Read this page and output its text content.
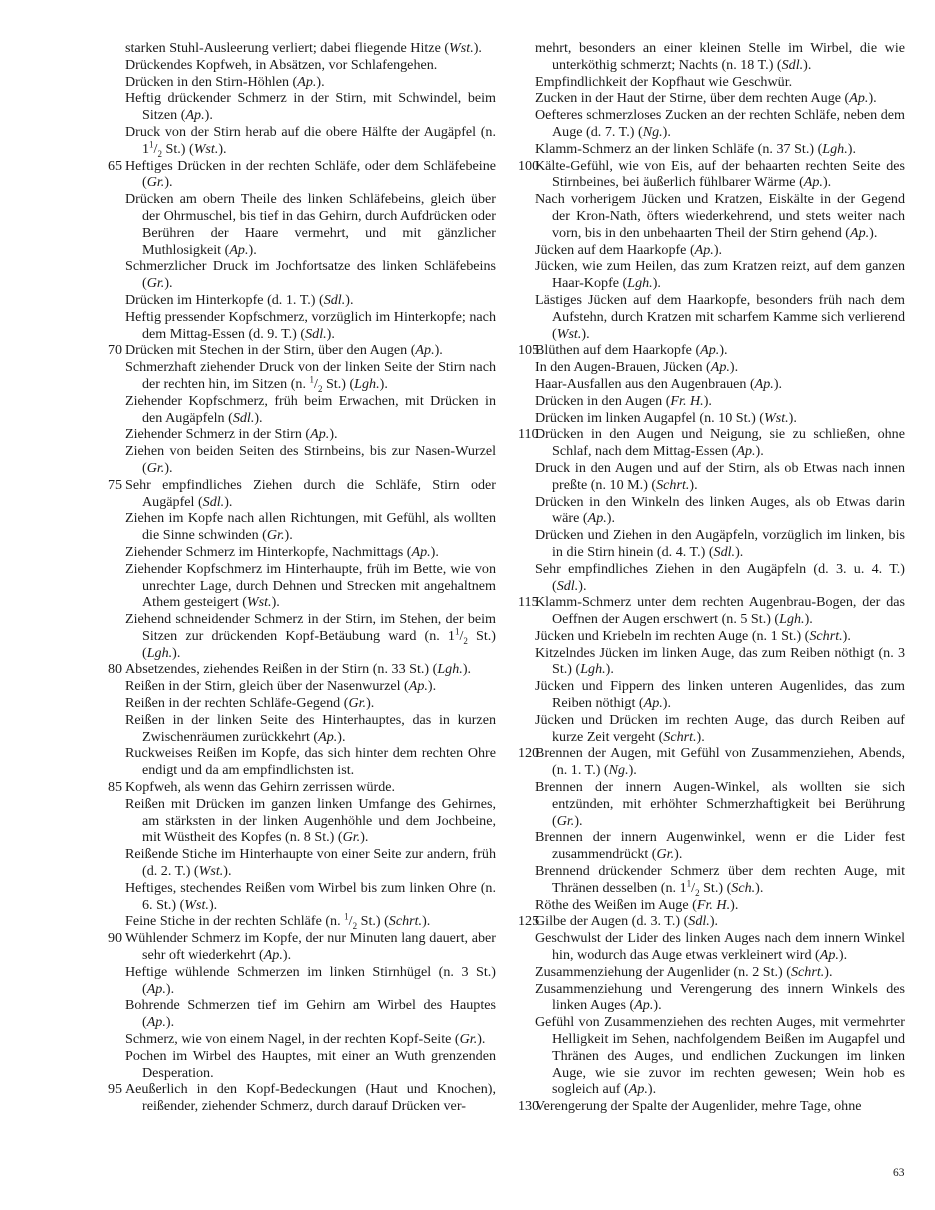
starken Stuhl-Ausleerung verliert; dabei fliegende Hitze (Wst.).

Drückendes Kopfweh, in Absätzen, vor Schlafengehen.

Drücken in den Stirn-Höhlen (Ap.).

Heftig drückender Schmerz in der Stirn, mit Schwindel, beim Sitzen (Ap.).

Druck von der Stirn herab auf die obere Hälfte der Augäpfel (n. $1^1/_2$ St.) (Wst.).

65 Heftiges Drücken in der rechten Schläfe, oder dem Schläfebeine (Gr.).

Drücken am obern Theile des linken Schläfebeins, gleich über der Ohrmuschel, bis tief in das Gehirn, durch Aufdrücken oder Berühren der Haare vermehrt, und mit gänzlicher Muthlosigkeit (Ap.).

Schmerzlicher Druck im Jochfortsatze des linken Schläfebeins (Gr.).

Drücken im Hinterkopfe (d. 1. T.) (Sdl.).

Heftig pressender Kopfschmerz, vorzüglich im Hinterkopfe; nach dem Mittag-Essen (d. 9. T.) (Sdl.).

70 Drücken mit Stechen in der Stirn, über den Augen (Ap.).

Schmerzhaft ziehender Druck von der linken Seite der Stirn nach der rechten hin, im Sitzen (n. $^1/_2$ St.) (Lgh.).

Ziehender Kopfschmerz, früh beim Erwachen, mit Drücken in den Augäpfeln (Sdl.).

Ziehender Schmerz in der Stirn (Ap.).

Ziehen von beiden Seiten des Stirnbeins, bis zur Nasen-Wurzel (Gr.).

75 Sehr empfindliches Ziehen durch die Schläfe, Stirn oder Augäpfel (Sdl.).

Ziehen im Kopfe nach allen Richtungen, mit Gefühl, als wollten die Sinne schwinden (Gr.).

Ziehender Schmerz im Hinterkopfe, Nachmittags (Ap.).

Ziehender Kopfschmerz im Hinterhaupte, früh im Bette, wie von unrechter Lage, durch Dehnen und Strecken mit angehaltnem Athem gesteigert (Wst.).

Ziehend schneidender Schmerz in der Stirn, im Stehen, der beim Sitzen zur drückenden Kopf-Betäubung ward (n. $1^1/_2$ St.) (Lgh.).

80 Absetzendes, ziehendes Reißen in der Stirn (n. 33 St.) (Lgh.).

Reißen in der Stirn, gleich über der Nasenwurzel (Ap.).

Reißen in der rechten Schläfe-Gegend (Gr.).

Reißen in der linken Seite des Hinterhauptes, das in kurzen Zwischenräumen zurückkehrt (Ap.).

Ruckweises Reißen im Kopfe, das sich hinter dem rechten Ohre endigt und da am empfindlichsten ist.

85 Kopfweh, als wenn das Gehirn zerrissen würde.

Reißen mit Drücken im ganzen linken Umfange des Gehirnes, am stärksten in der linken Augenhöhle und dem Jochbeine, mit Wüstheit des Kopfes (n. 8 St.) (Gr.).

Reißende Stiche im Hinterhaupte von einer Seite zur andern, früh (d. 2. T.) (Wst.).

Heftiges, stechendes Reißen vom Wirbel bis zum linken Ohre (n. 6. St.) (Wst.).

Feine Stiche in der rechten Schläfe (n. $^1/_2$ St.) (Schrt.).

90 Wühlender Schmerz im Kopfe, der nur Minuten lang dauert, aber sehr oft wiederkehrt (Ap.).

Heftige wühlende Schmerzen im linken Stirnhügel (n. 3 St.) (Ap.).

Bohrende Schmerzen tief im Gehirn am Wirbel des Hauptes (Ap.).

Schmerz, wie von einem Nagel, in der rechten Kopf-Seite (Gr.).

Pochen im Wirbel des Hauptes, mit einer an Wuth grenzenden Desperation.

95 Aeußerlich in den Kopf-Bedeckungen (Haut und Knochen), reißender, ziehender Schmerz, durch darauf Drücken ver-

mehrt, besonders an einer kleinen Stelle im Wirbel, die wie unterköthig schmerzt; Nachts (n. 18 T.) (Sdl.).

Empfindlichkeit der Kopfhaut wie Geschwür.

Zucken in der Haut der Stirne, über dem rechten Auge (Ap.).

Oefteres schmerzloses Zucken an der rechten Schläfe, neben dem Auge (d. 7. T.) (Ng.).

Klamm-Schmerz an der linken Schläfe (n. 37 St.) (Lgh.).

100
Kälte-Gefühl, wie von Eis, auf der behaarten rechten Seite des Stirnbeines, bei äußerlich fühlbarer Wärme (Ap.).

Nach vorherigem Jücken und Kratzen, Eiskälte in der Gegend der Kron-Nath, öfters wiederkehrend, und stets weiter nach vorn, bis in den unbehaarten Theil der Stirn gehend (Ap.).

Jücken auf dem Haarkopfe (Ap.).

Jücken, wie zum Heilen, das zum Kratzen reizt, auf dem ganzen Haar-Kopfe (Lgh.).

Lästiges Jücken auf dem Haarkopfe, besonders früh nach dem Aufstehn, durch Kratzen mit scharfem Kamme sich verlierend (Wst.).

105
Blüthen auf dem Haarkopfe (Ap.).

In den Augen-Brauen, Jücken (Ap.).

Haar-Ausfallen aus den Augenbrauen (Ap.).

Drücken in den Augen (Fr. H.).

Drücken im linken Augapfel (n. 10 St.) (Wst.).

110
Drücken in den Augen und Neigung, sie zu schließen, ohne Schlaf, nach dem Mittag-Essen (Ap.).

Druck in den Augen und auf der Stirn, als ob Etwas nach innen preßte (n. 10 M.) (Schrt.).

Drücken in den Winkeln des linken Auges, als ob Etwas darin wäre (Ap.).

Drücken und Ziehen in den Augäpfeln, vorzüglich im linken, bis in die Stirn hinein (d. 4. T.) (Sdl.).

Sehr empfindliches Ziehen in den Augäpfeln (d. 3. u. 4. T.) (Sdl.).

115
Klamm-Schmerz unter dem rechten Augenbrau-Bogen, der das Oeffnen der Augen erschwert (n. 5 St.) (Lgh.).

Jücken und Kriebeln im rechten Auge (n. 1 St.) (Schrt.).

Kitzelndes Jücken im linken Auge, das zum Reiben nöthigt (n. 3 St.) (Lgh.).

Jücken und Fippern des linken unteren Augenlides, das zum Reiben nöthigt (Ap.).

Jücken und Drücken im rechten Auge, das durch Reiben auf kurze Zeit vergeht (Schrt.).

120
Brennen der Augen, mit Gefühl von Zusammenziehen, Abends, (n. 1. T.) (Ng.).

Brennen der innern Augen-Winkel, als wollten sie sich entzünden, mit erhöhter Schmerzhaftigkeit bei Berührung (Gr.).

Brennen der innern Augenwinkel, wenn er die Lider fest zusammendrückt (Gr.).

Brennend drückender Schmerz über dem rechten Auge, mit Thränen desselben (n. $1^1/_2$ St.) (Sch.).

Röthe des Weißen im Auge (Fr. H.).

125
Gilbe der Augen (d. 3. T.) (Sdl.).

Geschwulst der Lider des linken Auges nach dem innern Winkel hin, wodurch das Auge etwas verkleinert wird (Ap.).

Zusammenziehung der Augenlider (n. 2 St.) (Schrt.).

Zusammenziehung und Verengerung des innern Winkels des linken Auges (Ap.).

Gefühl von Zusammenziehen des rechten Auges, mit vermehrter Helligkeit im Sehen, nachfolgendem Beißen im Augapfel und Thränen des Auges, und endlichen Zuckungen im linken Auge, wie sie zuvor im rechten gewesen; Wein hob es sogleich auf (Ap.).

130
Verengerung der Spalte der Augenlider, mehre Tage, ohne

63
